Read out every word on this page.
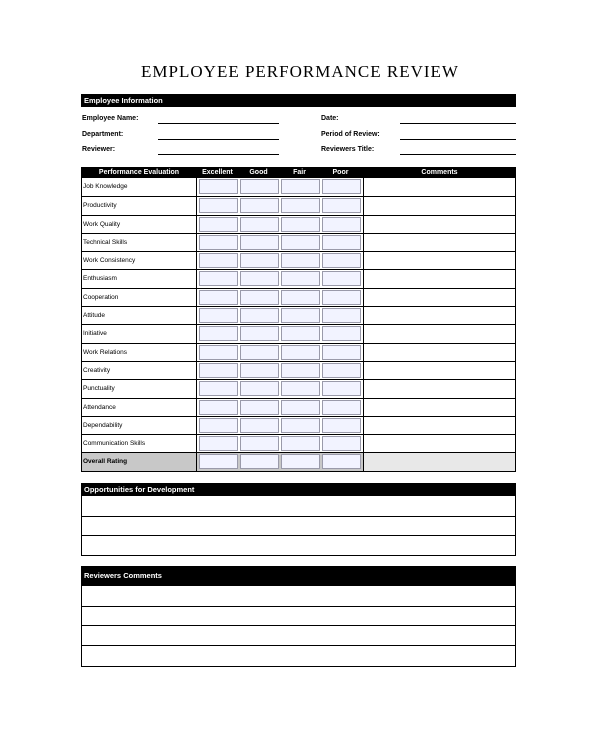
EMPLOYEE PERFORMANCE REVIEW
Employee Information
Employee Name:
Department:
Reviewer:
Date:
Period of Review:
Reviewers Title:
Performance Evaluation	Excellent	Good	Fair	Poor	Comments
Job Knowledge
Productivity
Work Quality
Technical Skills
Work Consistency
Enthusiasm
Cooperation
Attitude
Initiative
Work Relations
Creativity
Punctuality
Attendance
Dependability
Communication Skills
Overall Rating
Opportunities for Development
Reviewers Comments
